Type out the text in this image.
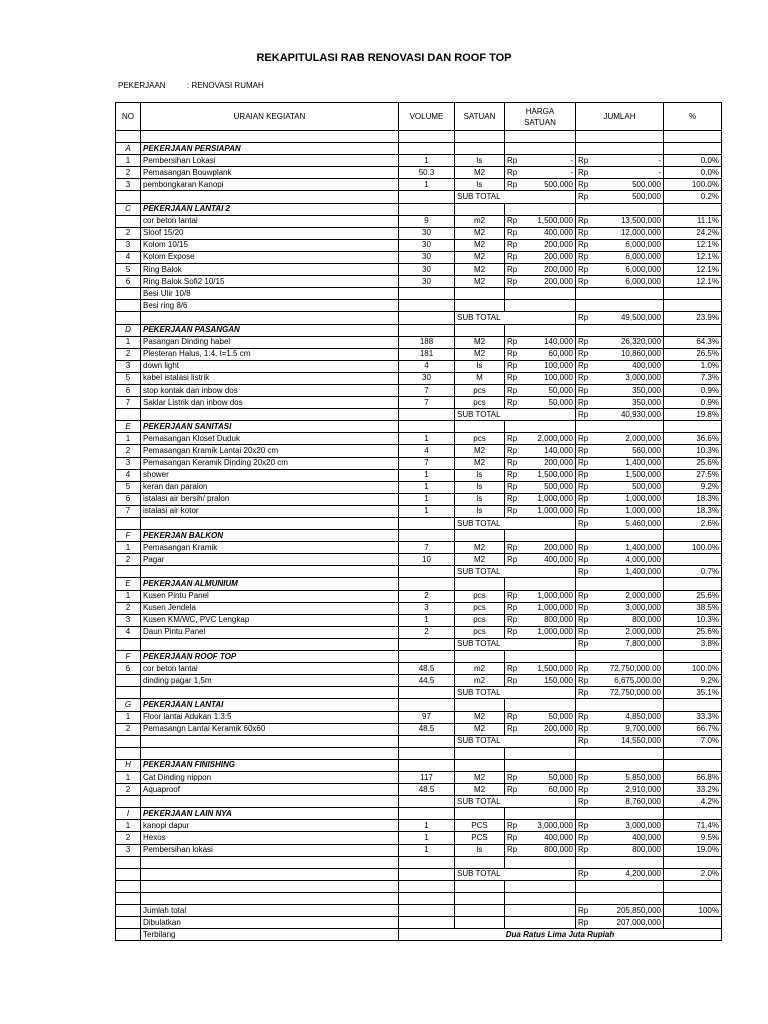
REKAPITULASI RAB RENOVASI DAN ROOF TOP
PEKERJAAN	: RENOVASI RUMAH
NO	URAIAN KEGIATAN	VOLUME	SATUAN	HARGA
SATUAN	JUMLAH	%

A	PEKERJAAN PERSIAPAN					
1	Pembersihan Lokasi	1	ls	Rp -	Rp -	0.0%
2	Pemasangan Bouwplank	50.3	M2	Rp -	Rp -	0.0%
3	pembongkaran Kanopi	1	ls	Rp 500,000	Rp 500,000	100.0%
			SUB TOTAL		Rp 500,000	0.2%
C	PEKERJAAN LANTAI 2					
	cor beton lantai	9	m2	Rp 1,500,000	Rp 13,500,000	11.1%
2	Sloof 15/20	30	M2	Rp 400,000	Rp 12,000,000	24.2%
3	Kolom 10/15	30	M2	Rp 200,000	Rp 6,000,000	12.1%
4	Kolom Expose	30	M2	Rp 200,000	Rp 6,000,000	12.1%
5	Ring Balok	30	M2	Rp 200,000	Rp 6,000,000	12.1%
6	Ring Balok Sofi2 10/15	30	M2	Rp 200,000	Rp 6,000,000	12.1%
	Besi Ulir 10/8			

	Besi ring 8/6			

			SUB TOTAL		Rp 49,500,000	23.9%
D	PEKERJAAN PASANGAN					
1	Pasangan Dinding habel	188	M2	Rp 140,000	Rp 26,320,000	64.3%
2	Plesteran Halus, 1:4, t=1.5 cm	181	M2	Rp 60,000	Rp 10,860,000	26.5%
3	down light	4	ls	Rp 100,000	Rp 400,000	1.0%
5	kabel istalasi listrik	30	M	Rp 100,000	Rp 3,000,000	7.3%
6	stop kontak dan inbow dos	7	pcs	Rp 50,000	Rp 350,000	0.9%
7	Saklar Listrik dan inbow dos	7	pcs	Rp 50,000	Rp 350,000	0.9%
			SUB TOTAL		Rp 40,930,000	19.8%
E	PEKERJAAN SANITASI					
1	Pemasangan Kloset Duduk	1	pcs	Rp 2,000,000	Rp 2,000,000	36.6%
2	Pemasangan Kramik Lantai 20x20 cm	4	M2	Rp 140,000	Rp 560,000	10.3%
3	Pemasangan Keramik Dinding 20x20 cm	7	M2	Rp 200,000	Rp 1,400,000	25.6%
4	shower	1	ls	Rp 1,500,000	Rp 1,500,000	27.5%
5	keran dan paralon	1	ls	Rp 500,000	Rp 500,000	9.2%
6	istalasi air bersih/ pralon	1	ls	Rp 1,000,000	Rp 1,000,000	18.3%
7	istalasi air kotor	1	ls	Rp 1,000,000	Rp 1,000,000	18.3%
			SUB TOTAL		Rp 5,460,000	2.6%
F	PEKERJAN BALKON					
1	Pemasangan Kramik	7	M2	Rp 200,000	Rp 1,400,000	100.0%
2	Pagar	10	M2	Rp 400,000	Rp 4,000,000	

			SUB TOTAL		Rp 1,400,000	0.7%
E	PEKERJAAN ALMUNIUM					
1	Kusen Pintu Panel	2	pcs	Rp 1,000,000	Rp 2,000,000	25.6%
2	Kusen Jendela	3	pcs	Rp 1,000,000	Rp 3,000,000	38.5%
3	Kusen KM/WC, PVC Lengkap	1	pcs	Rp 800,000	Rp 800,000	10.3%
4	Daun Pintu Panel	2	pcs	Rp 1,000,000	Rp 2,000,000	25.6%
			SUB TOTAL		Rp 7,800,000	3.8%
F	PEKERJAAN ROOF TOP					
6	cor beton lantai	48.5	m2	Rp 1,500,000	Rp 72,750,000.00	100.0%
	dinding pagar 1,5m	44.5	m2	Rp 150,000	Rp 6,675,000.00	9.2%
			SUB TOTAL		Rp 72,750,000.00	35.1%
G	PEKERJAAN LANTAI					
1	Floor lantai Adukan 1:3:5	97	M2	Rp 50,000	Rp 4,850,000	33.3%
2	Pemasangn Lantai Keramik 60x60	48.5	M2	Rp 200,000	Rp 9,700,000	66.7%
			SUB TOTAL		Rp 14,550,000	7.0%

H	PEKERJAAN FINISHING					
1	Cat Dinding nippon	117	M2	Rp 50,000	Rp 5,850,000	66.8%
2	Aquaproof	48.5	M2	Rp 60,000	Rp 2,910,000	33.2%
			SUB TOTAL		Rp 8,760,000	4.2%
I	PEKERJAAN LAIN NYA					
1	kanopi dapur	1	PCS	Rp 3,000,000	Rp 3,000,000	71.4%
2	Hexos	1	PCS	Rp 400,000	Rp 400,000	9.5%
3	Pembersihan lokasi	1	ls	Rp 800,000	Rp 800,000	19.0%

			SUB TOTAL		Rp 4,200,000	2.0%

	Jumlah total				Rp 205,850,000	100%
	Dibulatkan				Rp 207,000,000	

	Terbilang	Dua Ratus Lima Juta Rupiah				
